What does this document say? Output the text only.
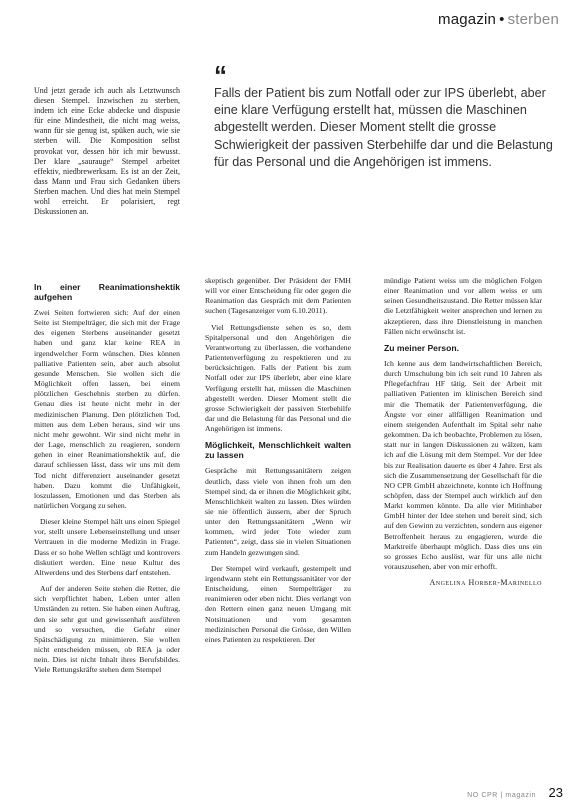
magazin • sterben
“
Falls der Patient bis zum Notfall oder zur IPS überlebt, aber eine klare Verfügung erstellt hat, müssen die Maschinen abgestellt werden. Dieser Moment stellt die grosse Schwierigkeit der passiven Sterbehilfe dar und die Belastung für das Personal und die Angehörigen ist immens.
Und jetzt gerade ich auch als Letztwunsch diesen Stempel. Inzwischen zu sterben, indem ich eine Ecke abdecke und dispusie für eine Mindestheit, die nicht mag weiss, wann für sie genug ist, spüken auch, wie sie sterben will. Die Komposition selbst provokat vor, dessen hör ich mir bewusst. Der klare „saurauge“ Stempel arbeitet effektiv, niedbrewerksam. Es ist an der Zeit, dass Mann und Frau sich Gedanken übers Sterben machen. Und dies hat mein Stempel wohl erreicht. Er polarisiert, regt Diskussionen an.
In einer Reanimationshektik aufgehen

Zwei Seiten fortwieren sich: Auf der einen Seite ist Stempelträger, die sich mit der Frage des eigenen Sterbens auseinander gesetzt haben und ganz klar keine REA in irgendwelcher Form wünschen. Dies können palliative Patienten sein, aber auch absolut gesunde Menschen. Sie wollen sich die Möglichkeit offen lassen, bei einem plötzlichen Geschehnis sterben zu dürfen. Genau dies ist heute nicht mehr in der medizinischen Planung. Den plötzlichen Tod, mitten aus dem Leben heraus, sind wir uns nicht mehr gewohnt. Wir sind nicht mehr in der Lage, menschlich zu reagieren, sondern gehen in einer Reanimationshektik auf, die darauf schliessen lässt, dass wir uns mit dem Tod nicht differenziert auseinander gesetzt haben. Dazu kommt die Unfähigkeit, loszulassen, Emotionen und das Sterben als natürlichen Vorgang zu sehen.

Dieser kleine Stempel hält uns einen Spiegel vor, stellt unsere Lebenseinstellung und unser Vertrauen in die moderne Medizin in Frage. Dass er so hohe Wellen schlägt und kontrovers diskutiert werden. Eine neue Kultur des Altwerdens und des Sterbens darf entstehen.

Auf der anderen Seite stehen die Retter, die sich verpflichtet haben, Leben unter allen Umständen zu retten. Sie haben einen Auftrag, den sie sehr gut und gewissenhaft ausführen und so versuchen, die Gefahr einer Spätschädigung zu minimieren. Sie wollen nicht entscheiden müssen, ob REA ja oder nein. Dies ist nicht Inhalt ihres Berufsbildes. Viele Rettungskräfte stehen dem Stempel

skeptisch gegenüber. Der Präsident der FMH will vor einer Entscheidung für oder gegen die Reanimation das Gespräch mit dem Patienten suchen (Tagesanzeiger vom 6.10.2011).

Viel Rettungsdienste sehen es so, dem Spitalpersonal und den Angehörigen die Verantwortung zu überlassen, die vorhandene Patientenverfügung zu respektieren und zu berücksichtigen. Falls der Patient bis zum Notfall oder zur IPS überlebt, aber eine klare Verfügung erstellt hat, müssen die Maschinen abgestellt werden. Dieser Moment stellt die grosse Schwierigkeit der passiven Sterbehilfe dar und die Belastung für das Personal und die Angehörigen ist immens.

Möglichkeit, Menschlichkeit walten zu lassen

Gespräche mit Rettungssanitätern zeigen deutlich, dass viele von ihnen froh um den Stempel sind, da er ihnen die Möglichkeit gibt, Menschlichkeit walten zu lassen. Dies würden sie nie öffentlich äussern, aber der Spruch unter den Rettungssanitätern „Wenn wir kommen, wird jeder Tote wieder zum Patienten“, zeigt, dass sie in vielen Situationen zum Handeln gezwungen sind.

Der Stempel wird verkauft, gestempelt und irgendwann steht ein Rettungssanitäter vor der Entscheidung, einen Stempelträger zu reanimieren oder eben nicht. Dies verlangt von den Rettern einen ganz neuen Umgang mit Notsituationen und vom gesamten medizinischen Personal die Grösse, den Willen eines Patienten zu respektieren. Der

mündige Patient weiss um die möglichen Folgen einer Reanimation und vor allem weiss er um seinen Gesundheitszustand. Die Retter müssen klar die Letztfähigkeit weiter ansprechen und lernen zu akzeptieren, dass ihre Dienstleistung in manchen Fällen nicht erwünscht ist.

Zu meiner Person.

Ich kenne aus dem landwirtschaftlichen Bereich, durch Umschulung bin ich seit rund 10 Jahren als Pflegefachfrau HF tätig. Seit der Arbeit mit palliativen Patienten im klinischen Bereich sind mir die Thematik der Patientenverfügung, die Ängste vor einer allfälligen Reanimation und einem steigenden Aufenthalt im Spital sehr nahe gekommen. Da ich beobachte, Problemen zu lösen, statt nur in langen Diskussionen zu wälzen, kam ich auf die Lösung mit dem Stempel. Vor der Idee bis zur Realisation dauerte es über 4 Jahre. Erst als sich die Zusammensetzung der Gesellschaft für die NO CPR GmbH abzeichnete, konnte ich Hoffnung schöpfen, dass der Stempel auch wirklich auf den Markt kommen könnte. Da alle vier Mitinhaber GmbH hinter der Idee stehen und bereit sind, sich auf den Gewinn zu verzichten, sondern aus eigener Betroffenheit heraus zu engagieren, wurde die Marktreife überhaupt möglich. Dass dies uns ein so grosses Echo auslöst, war für uns alle nicht vorauszusehen, aber von mir erhofft.

Angelina Horber-Marinello
NO CPR | magazin 23
